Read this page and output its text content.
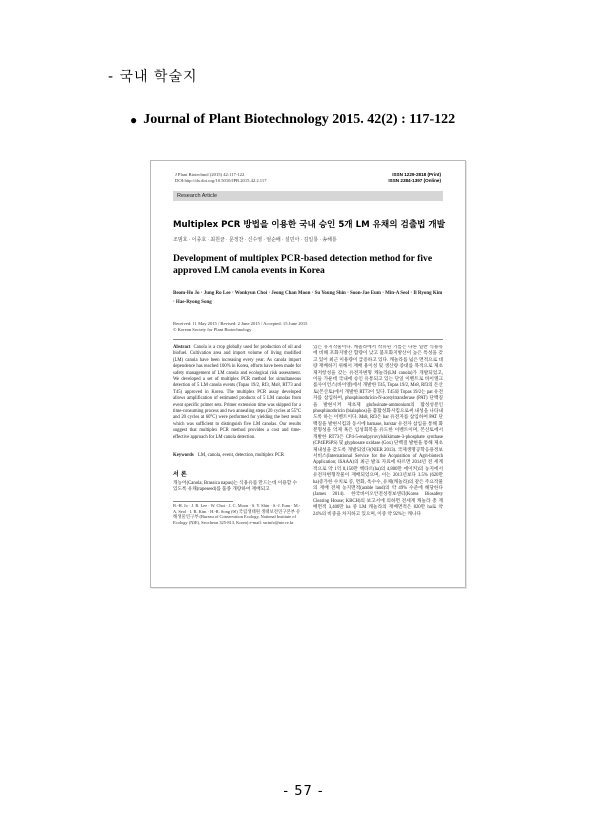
- 국내 학술지
● Journal of Plant Biotechnology 2015. 42(2) : 117-122
J Plant Biotechnol (2015) 42:117-122
DOI:http://dx.doi.org/10.5010/JPB.2015.42.2.117
ISSN 1229-2818 (Print)
ISSN 2384-1397 (Online)
Research Article
Multiplex PCR 방법을 이용한 국내 승인 5개 LM 유채의 검출법 개발
조범호 · 이종호 · 최원균 · 문정찬 · 신수영 · 엄순배 · 설민아 · 김일룡 · 송해룡
Development of multiplex PCR-based detection method for five approved LM canola events in Korea
Beom-Ho Jo · Jung Ro Lee · Wonkyun Choi · Jeong Chan Moon · Su Young Shin · Soon-Jae Eum · Min-A Seol · Il Ryong Kim · Hae-Ryong Song
Received: 11 May 2015 / Revised: 2 June 2015 / Accepted: 15 June 2015
© Korean Society for Plant Biotechnology
Abstract Canola is a crop globally used for production of oil and biofuel. Cultivation area and import volume of living modified (LM) canola have been increasing every year. As canola import dependence has reached 100% in Korea, efforts have been made for safety management of LM canola and ecological risk assessment. We developed a set of multiplex PCR method for simultaneous detection of 5 LM canola events (Topas 19/2, Rf3, Ms8, RT73 and T45) approved in Korea. The multiplex PCR assay developed allows amplification of estimated products of 5 LM canolas from event specific primer sets. Primer extension time was skipped for a time-consuming process and two annealing steps (20 cycles at 55°C and 20 cycles at 60°C) were performed for yielding the best result which was sufficient to distinguish five LM canolas. Our results suggest that multiplex PCR method provides a cost and time-effective approach for LM canola detection.
Keywords LM, canola, event, detection, multiplex PCR
서 론
개농어(Canola; Brassica napus)는 식용유를 만드는데 이용할 수 있도록 유채(rapeseed)를 품종 개량하여 재배되고
B.-H. Jo · J. R. Lee · W. Choi · J. C. Moon · S. Y. Shin · S.-J. Eum · M.-A. Seol · I. R. Kim · H.-R. Song (✉) 국립생태원 생태보전연구본부 유해생물연구부 (Bureau of Conservation Ecology, National Institute of Ecology (NIE), Seocheon 325-813, Korea) e-mail: ssrinfo@nie.re.kr
있는 유지작물이다. 캐놀라에서 착유된 기름은 다른 일반 식용유에 비해 포화지방산 함량이 낮고 불포화지방산이 높은 특성을 갖고 있어 최근 이용량이 급증하고 있다. 캐놀라를 넓은 면적으로 대량 재배하기 위해서 재배 용이성 및 생산량 증대를 목적으로 제초제저항성을 갖는 유전자변형 캐놀라(LM canola)가 개발되었고, 이들 가운데 국내에 승인 유통되고 있는 단일 이벤트로 바이엘크롭사이언스(바이엘)에서 개발한 T45, Topas 19/2, Ms8, Rf3의 돈산토(몬산토)에서 개발한 RT73이 있다. T45와 Topas 19/2는 pat 유전자를 삽입하여, phosphinothricin-N-acetyltransferase (PAT) 단백질을 발현시켜 제초제 glufosinate-ammonium의 활성성분인 phosphinothricin (bialaphos)을 불활성화시킴으로써 내성을 나타내도록 하는 이벤트이다. Ms8, Rf3은 bar 유전자를 삽입하여 PAT 단백질을 발현시킴과 동시에 barnase, barstar 유전자 삽입을 통해 화분형성을 억제 혹은 임성회복을 유도한 이벤트이며, 몬산토에서 개발한 RT73은 CP4-5-enolpyruvylshikimate-3-phosphate synthase (CP4EPSPS) 및 glyphosate oxidase (Gox) 단백질 발현을 통해 제초제내성을 갖도록 개발되었다(NIER 2013). 국제생명공학응용정보서비스(International Service for the Acquisition of Agri-biotech Application; ISAAA)의 최근 발표 자료에 따르면 2014년 전 세계적으로 약 1억 8,150만 헥타르(ha)의 4,800만 에이커)의 농지에서 유전자변형작물이 재배되었으며, 이는 2013년보다 3.5% (620만 ha)증가한 수치로 콩, 면화, 옥수수, 유채(캐놀라)의 같은 주요작물의 재배 전체 농지면적(arable land)의 약 49% 수준에 해당한다(James 2014). 한국바이오안전성정보센터(Korea Biosafety Clearing House; KBCH)의 보고서에 의하면 전세계 캐놀라 총 재배면적 3,400만 ha 중 LM 캐놀라의 재배면적은 820만 ha로 약 24%의 비중을 차지하고 있으며, 이중 약 92%는 캐나다
- 57 -
